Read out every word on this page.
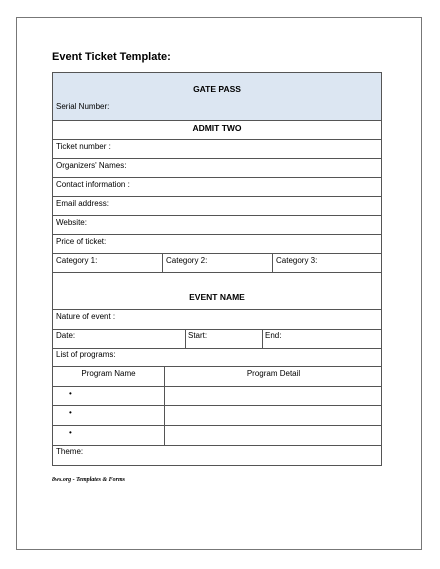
Event Ticket Template:
GATE PASS
Serial Number:
ADMIT TWO
Ticket number :
Organizers' Names:
Contact information :
Email address:
Website:
Price of ticket:
Category 1:	Category 2:	Category 3:
EVENT NAME
Nature of event :
Date:	Start:	End:
List of programs:
Program Name	Program Detail
•
•
•
Theme:
8ws.org - Templates & Forms
